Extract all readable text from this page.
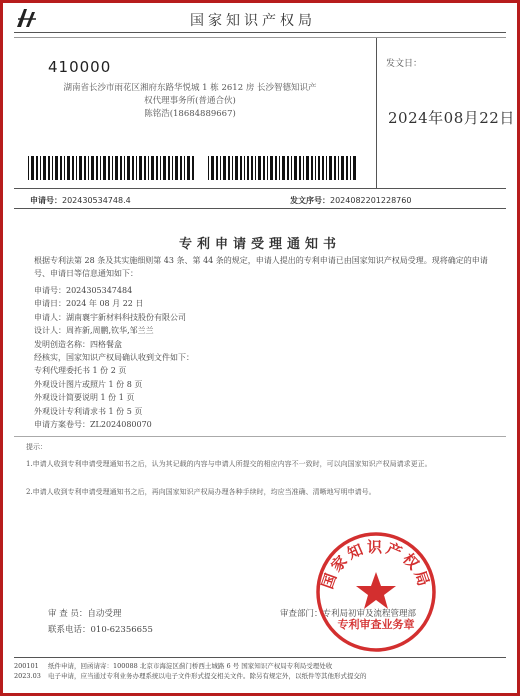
国家知识产权局
410000
湖南省长沙市雨花区湘府东路华悦城 1 栋 2612 房 长沙智德知识产
权代理事务所(普通合伙)
陈铭浩(18684889667)
发文日：
2024年08月22日
申请号：202430534748.4	发文序号：2024082201228760
专利申请受理通知书
根据专利法第 28 条及其实施细则第 43 条、第 44 条的规定，申请人提出的专利申请已由国家知识产权局受理。现将确定的申请号、申请日等信息通知如下：
申请号：2024305347484
申请日：2024 年 08 月 22 日
申请人：湖南襄宇新材料科技股份有限公司
设计人：周祚新,周鹏,钦华,邹兰兰
发明创造名称：四格餐盒
经核实，国家知识产权局确认收到文件如下：
专利代理委托书 1 份 2 页
外观设计图片或照片 1 份 8 页
外观设计简要说明 1 份 1 页
外观设计专利请求书 1 份 5 页
申请方案卷号：ZL2024080070
提示：
1.申请人收到专利申请受理通知书之后，认为其记载的内容与申请人所提交的相应内容不一致时，可以向国家知识产权局请求更正。
2.申请人收到专利申请受理通知书之后，再向国家知识产权局办理各种手续时，均应当准确、清晰地写明申请号。
国家知识产权局
专利审查业务章
审 查 员：自动受理
联系电话：010-62356655
审查部门：专利局初审及流程管理部
200101
2023.03
纸件申请，回函请寄：100088 北京市海淀区蓟门桥西土城路 6 号 国家知识产权局专利局受理处收
电子申请，应当通过专利业务办理系统以电子文件形式提交相关文件。除另有规定外，以纸件等其他形式提交的
